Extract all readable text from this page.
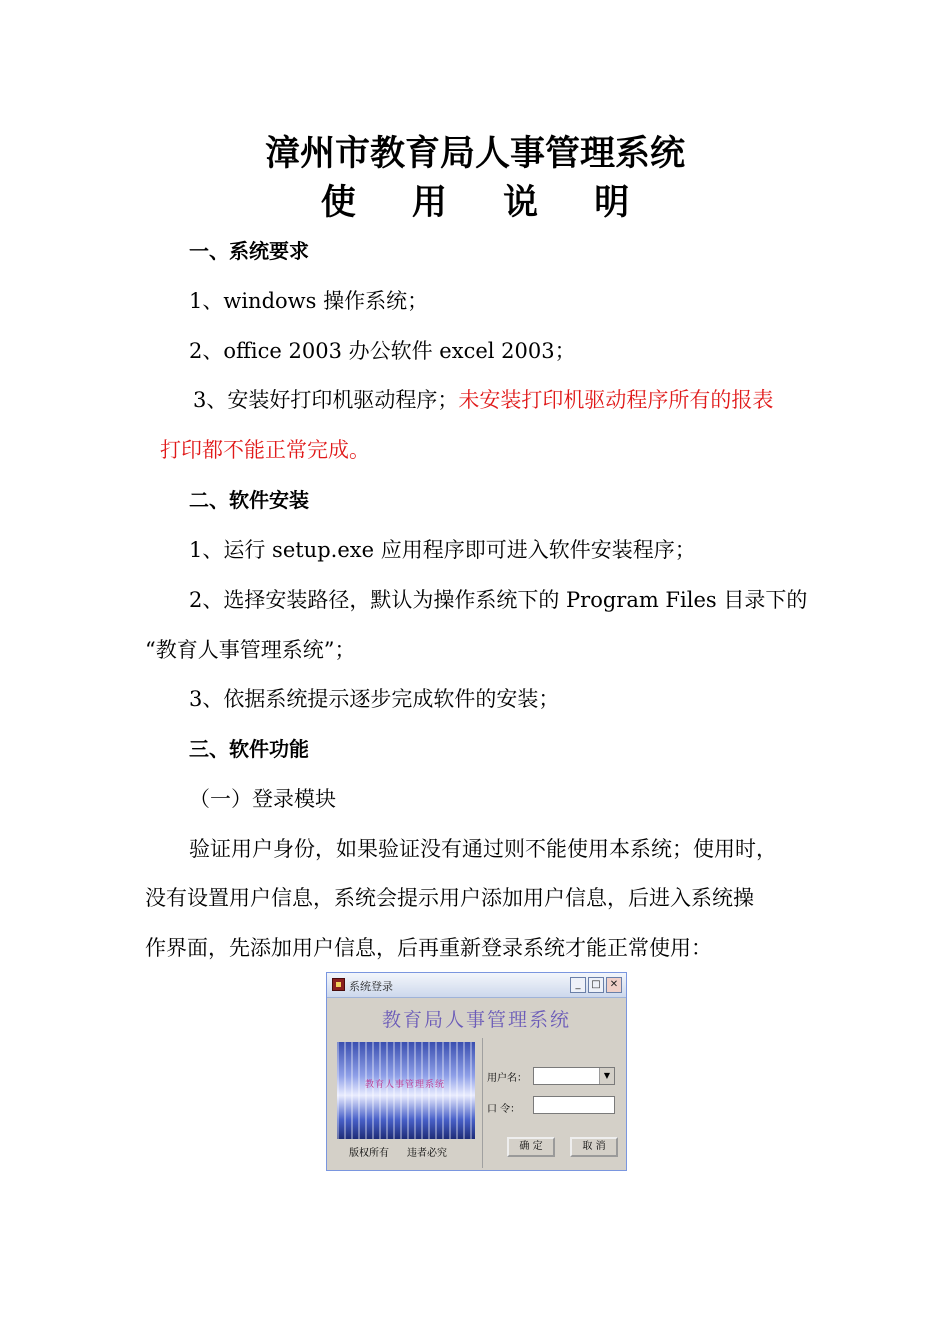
漳州市教育局人事管理系统
使 用 说 明
一、系统要求
1、windows 操作系统；
2、office 2003 办公软件 excel 2003；
3、安装好打印机驱动程序；未安装打印机驱动程序所有的报表
打印都不能正常完成。
二、软件安装
1、运行 setup.exe 应用程序即可进入软件安装程序；
2、选择安装路径，默认为操作系统下的 Program Files 目录下的
“教育人事管理系统”；
3、依据系统提示逐步完成软件的安装；
三、软件功能
（一）登录模块
验证用户身份，如果验证没有通过则不能使用本系统；使用时，
没有设置用户信息，系统会提示用户添加用户信息，后进入系统操
作界面，先添加用户信息，后再重新登录系统才能正常使用：
系统登录	_	□ ✕
教育局人事管理系统
教育人事管理系统
版权所有 违者必究
用户名：	▼
口 令：
确 定	取 消
